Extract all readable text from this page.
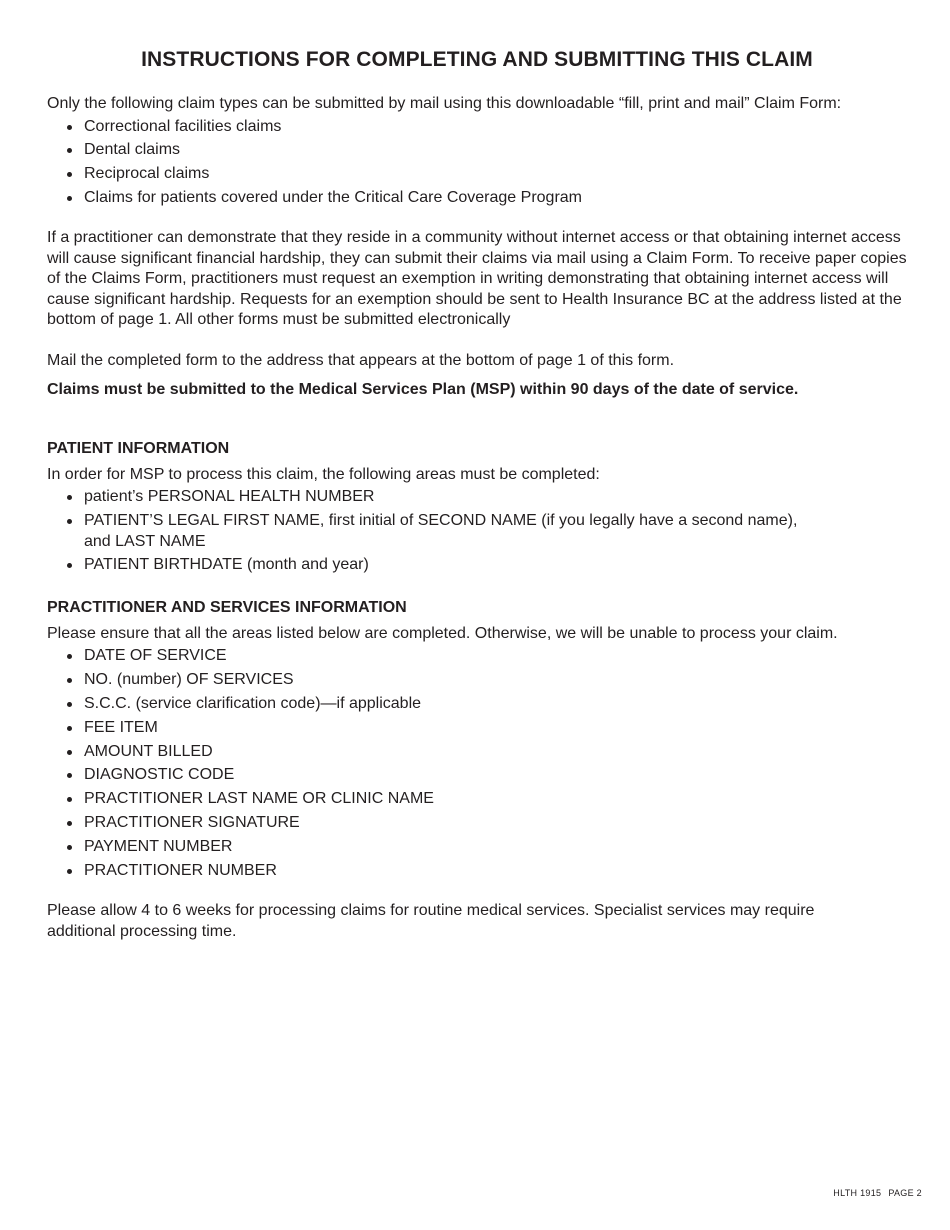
INSTRUCTIONS FOR COMPLETING AND SUBMITTING THIS CLAIM

Only the following claim types can be submitted by mail using this downloadable “fill, print and mail” Claim Form:

Correctional facilities claims
Dental claims
Reciprocal claims
Claims for patients covered under the Critical Care Coverage Program

If a practitioner can demonstrate that they reside in a community without internet access or that obtaining internet access will cause significant financial hardship, they can submit their claims via mail using a Claim Form. To receive paper copies of the Claims Form, practitioners must request an exemption in writing demonstrating that obtaining internet access will cause significant hardship. Requests for an exemption should be sent to Health Insurance BC at the address listed at the bottom of page 1. All other forms must be submitted electronically

Mail the completed form to the address that appears at the bottom of page 1 of this form.

Claims must be submitted to the Medical Services Plan (MSP) within 90 days of the date of service.

PATIENT INFORMATION

In order for MSP to process this claim, the following areas must be completed:

patient’s PERSONAL HEALTH NUMBER
PATIENT’S LEGAL FIRST NAME, first initial of SECOND NAME (if you legally have a second name), and LAST NAME
PATIENT BIRTHDATE (month and year)
PRACTITIONER AND SERVICES INFORMATION

Please ensure that all the areas listed below are completed. Otherwise, we will be unable to process your claim.

DATE OF SERVICE
NO. (number) OF SERVICES
S.C.C. (service clarification code)—if applicable
FEE ITEM
AMOUNT BILLED
DIAGNOSTIC CODE
PRACTITIONER LAST NAME OR CLINIC NAME
PRACTITIONER SIGNATURE
PAYMENT NUMBER
PRACTITIONER NUMBER

Please allow 4 to 6 weeks for processing claims for routine medical services. Specialist services may require additional processing time.

HLTH 1915 PAGE 2
